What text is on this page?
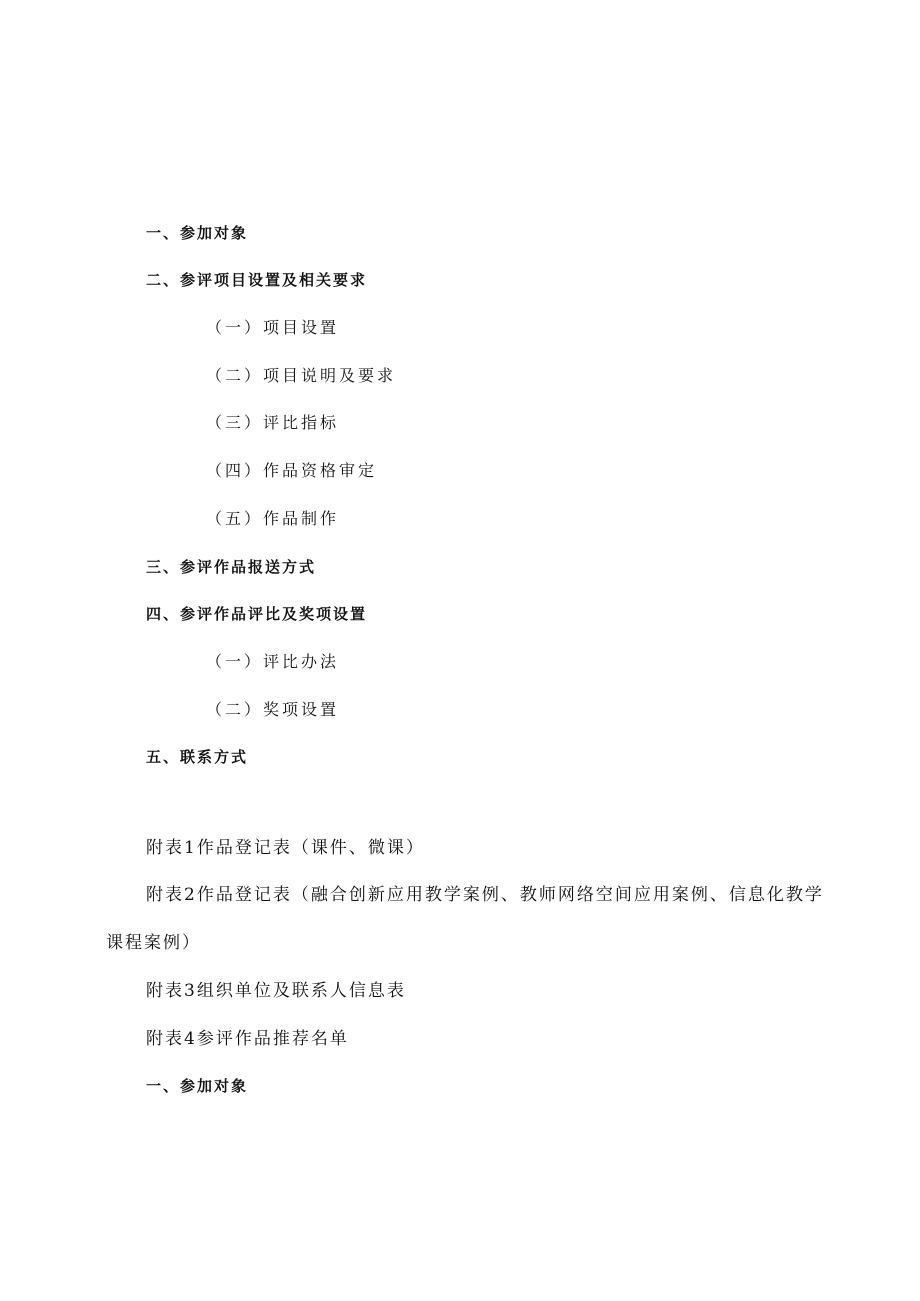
一、参加对象
二、参评项目设置及相关要求
（一）项目设置
（二）项目说明及要求
（三）评比指标
（四）作品资格审定
（五）作品制作
三、参评作品报送方式
四、参评作品评比及奖项设置
（一）评比办法
（二）奖项设置
五、联系方式
附表1作品登记表（课件、微课）
附表2作品登记表（融合创新应用教学案例、教师网络空间应用案例、信息化教学
课程案例）
附表3组织单位及联系人信息表
附表4参评作品推荐名单
一、参加对象
